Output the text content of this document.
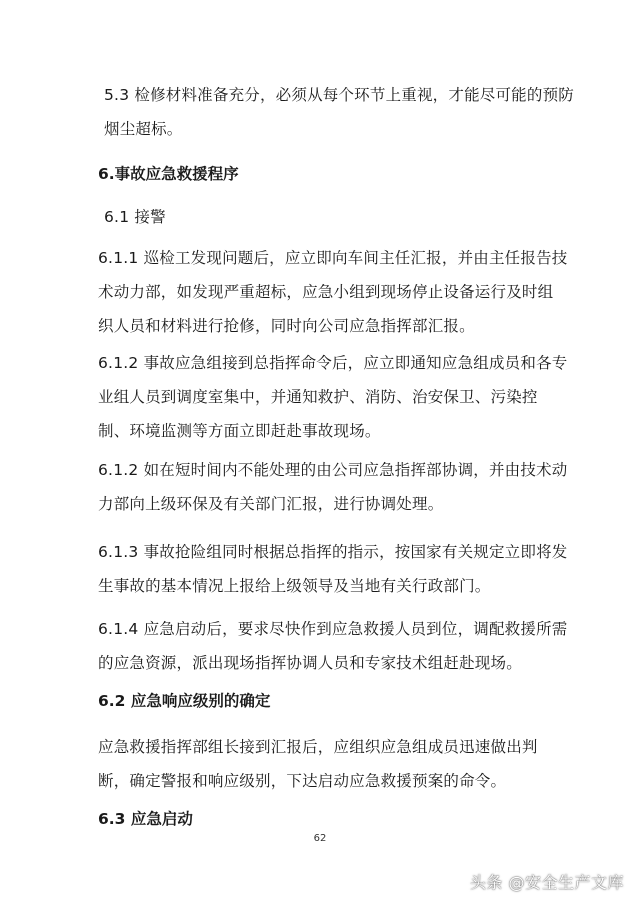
5.3 检修材料准备充分，必须从每个环节上重视，才能尽可能的预防烟尘超标。

6.事故应急救援程序

6.1 接警

6.1.1 巡检工发现问题后，应立即向车间主任汇报，并由主任报告技术动力部，如发现严重超标，应急小组到现场停止设备运行及时组织人员和材料进行抢修，同时向公司应急指挥部汇报。

6.1.2 事故应急组接到总指挥命令后，应立即通知应急组成员和各专业组人员到调度室集中，并通知救护、消防、治安保卫、污染控制、环境监测等方面立即赶赴事故现场。

6.1.2 如在短时间内不能处理的由公司应急指挥部协调，并由技术动力部向上级环保及有关部门汇报，进行协调处理。

6.1.3 事故抢险组同时根据总指挥的指示，按国家有关规定立即将发生事故的基本情况上报给上级领导及当地有关行政部门。

6.1.4 应急启动后，要求尽快作到应急救援人员到位，调配救援所需的应急资源，派出现场指挥协调人员和专家技术组赶赴现场。

6.2 应急响应级别的确定

应急救援指挥部组长接到汇报后，应组织应急组成员迅速做出判断，确定警报和响应级别，下达启动应急救援预案的命令。

6.3 应急启动

62
头条 @安全生产文库
